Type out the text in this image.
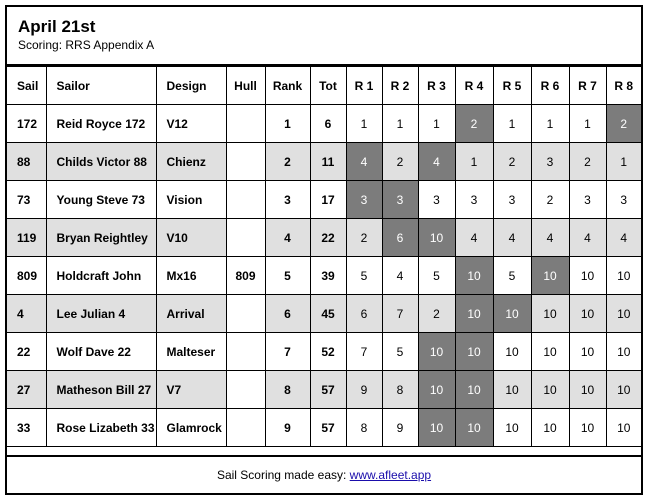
April 21st
Scoring: RRS Appendix A
Sail	Sailor	Design	Hull	Rank	Tot	R 1	R 2	R 3	R 4	R 5	R 6	R 7	R 8
172	Reid Royce 172	V12		1	6	1	1	1	2	1	1	1	2
88	Childs Victor 88	Chienz		2	11	4	2	4	1	2	3	2	1
73	Young Steve 73	Vision		3	17	3	3	3	3	3	2	3	3
119	Bryan Reightley	V10		4	22	2	6	10	4	4	4	4	4
809	Holdcraft John	Mx16	809	5	39	5	4	5	10	5	10	10	10
4	Lee Julian 4	Arrival		6	45	6	7	2	10	10	10	10	10
22	Wolf Dave 22	Malteser		7	52	7	5	10	10	10	10	10	10
27	Matheson Bill 27	V7		8	57	9	8	10	10	10	10	10	10
33	Rose Lizabeth 33	Glamrock		9	57	8	9	10	10	10	10	10	10
Sail Scoring made easy: www.afleet.app
